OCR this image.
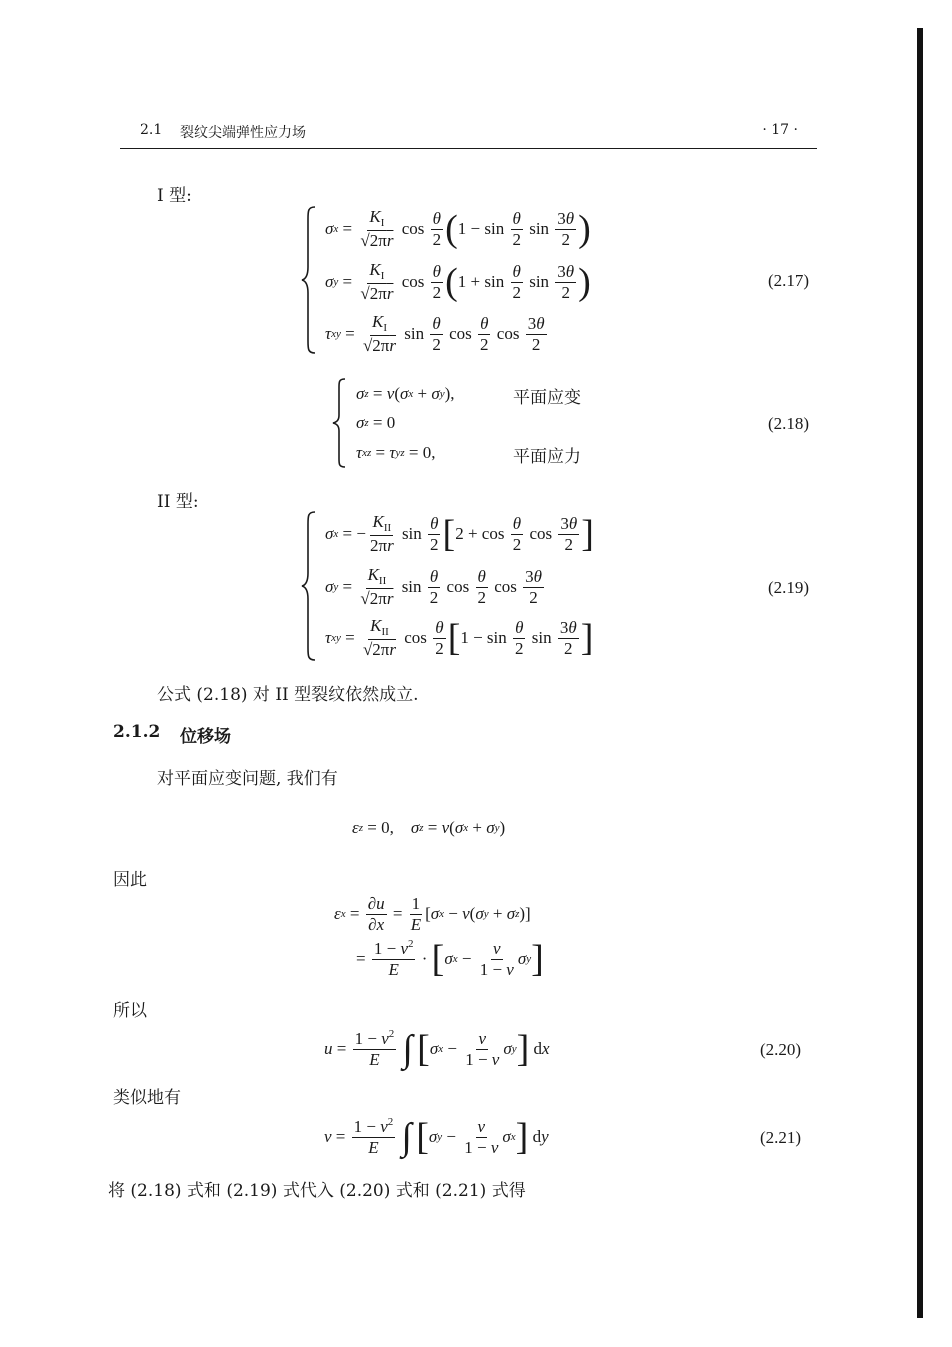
2.1 裂纹尖端弹性应力场	· 17 ·
I 型:
σ $x = \frac{K_I}{√2\pi r}$ $\cos \frac{\theta}{2}$ ( $1 - \sin \frac{\theta}{2}$ $\sin \frac{3\theta}{2}$ )
σ $y = \frac{K_I}{√2\pi r}$ $\cos \frac{\theta}{2}$ ( $1 + \sin \frac{\theta}{2}$ $\sin \frac{3\theta}{2}$ )
τ xy = $\frac{K_I}{√2\pi r}$ $\sin \frac{\theta}{2}$ $\cos \frac{\theta}{2}$ $\cos \frac{3\theta}{2}$
(2.17)
σ z = ν ( σ x + σ y ),	平面应变
σ z = 0
τ xz = τ yz = 0,	平面应力
(2.18)
II 型:
σ x = − $\frac{K_{II}}{2\pi r}$ $\sin \frac{\theta}{2}$ [ $2 + \cos \frac{\theta}{2}$ $\cos \frac{3\theta}{2}$ ]
σ $y = \frac{K_{II}}{√2\pi r}$ $\sin \frac{\theta}{2}$ $\cos \frac{\theta}{2}$ $\cos \frac{3\theta}{2}$
τ xy = $\frac{K_{II}}{√2\pi r}$ $\cos \frac{\theta}{2}$ [ $1 - \sin \frac{\theta}{2}$ $\sin \frac{3\theta}{2}$ ]
(2.19)
公式 (2.18) 对 II 型裂纹依然成立.
2.1.2 位移场
对平面应变问题, 我们有
ε z = 0, σ z = ν ( σ x + σ y )
因此
ε $x = \frac{\partial u}{\partial x} = \frac{1}{E}$ [ σ x − ν ( σ y + σ z )]
= $\frac{1 - \nu^2}{E}$ · [ σ $x - \frac{\nu}{1 - \nu}$ σ y ]
所以
$u = \frac{1 - \nu^2}{E}$
∫
[ σ $x - \frac{\nu}{1 - \nu}$ σ y ] d x	(2.20)
类似地有
$v = \frac{1 - \nu^2}{E}$
∫
[ σ $y - \frac{\nu}{1 - \nu}$ σ x ] d y	(2.21)
将 (2.18) 式和 (2.19) 式代入 (2.20) 式和 (2.21) 式得
